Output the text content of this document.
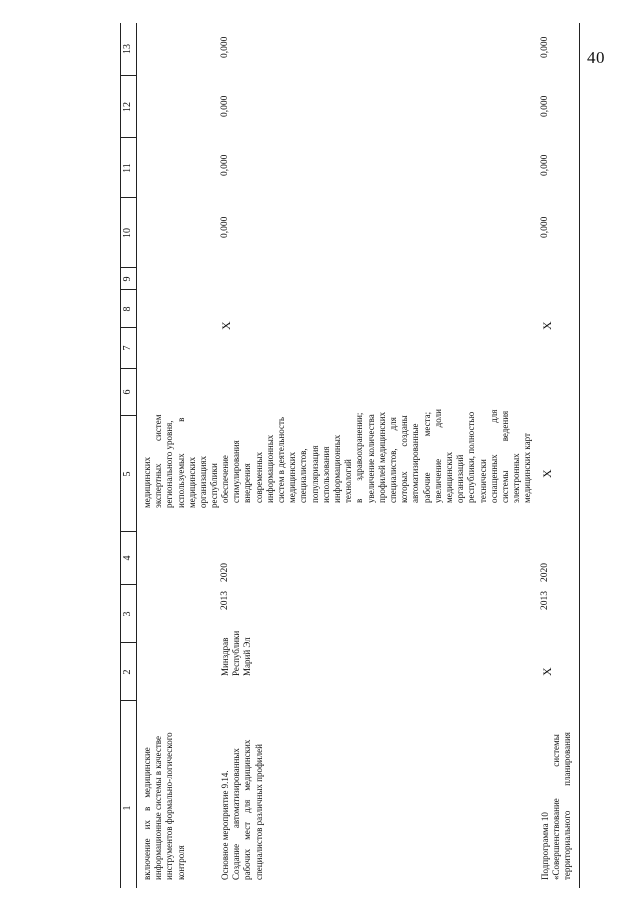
40
1
2
3
4
5
6
7
8
9
10
11
12
13
включение    их    в    медицинские
информационные системы в качестве
инструментов формально-логического
контроля
медицинских
экспертных          систем
регионального уровня,
используемых              в
медицинских
организациях
республики
Основное мероприятие 9.14.
Создание       автоматизированных
рабочих    мест    для    медицинских
специалистов различных профилей
Минздрав
Республики
Марий Эл
2013
2020
обеспечение
стимулирования
внедрения
современных
информационных
систем в деятельность
медицинских
специалистов,
популяризация
использования
информационных
технологий
в        здравоохранении;
увеличение количества
профилей медицинских
специалистов,        для
которых           созданы
автоматизированные
рабочие                места;
увеличение              доли
медицинских
организаций
республики, полностью
технически
оснащенных              для
системы             ведения
электронных
медицинских карт
Х
0,000
0,000
0,000
0,000
Подпрограмма 10
«Совершенствование              системы
территориального           планирования
Х
2013
2020
Х
Х
0,000
0,000
0,000
0,000
